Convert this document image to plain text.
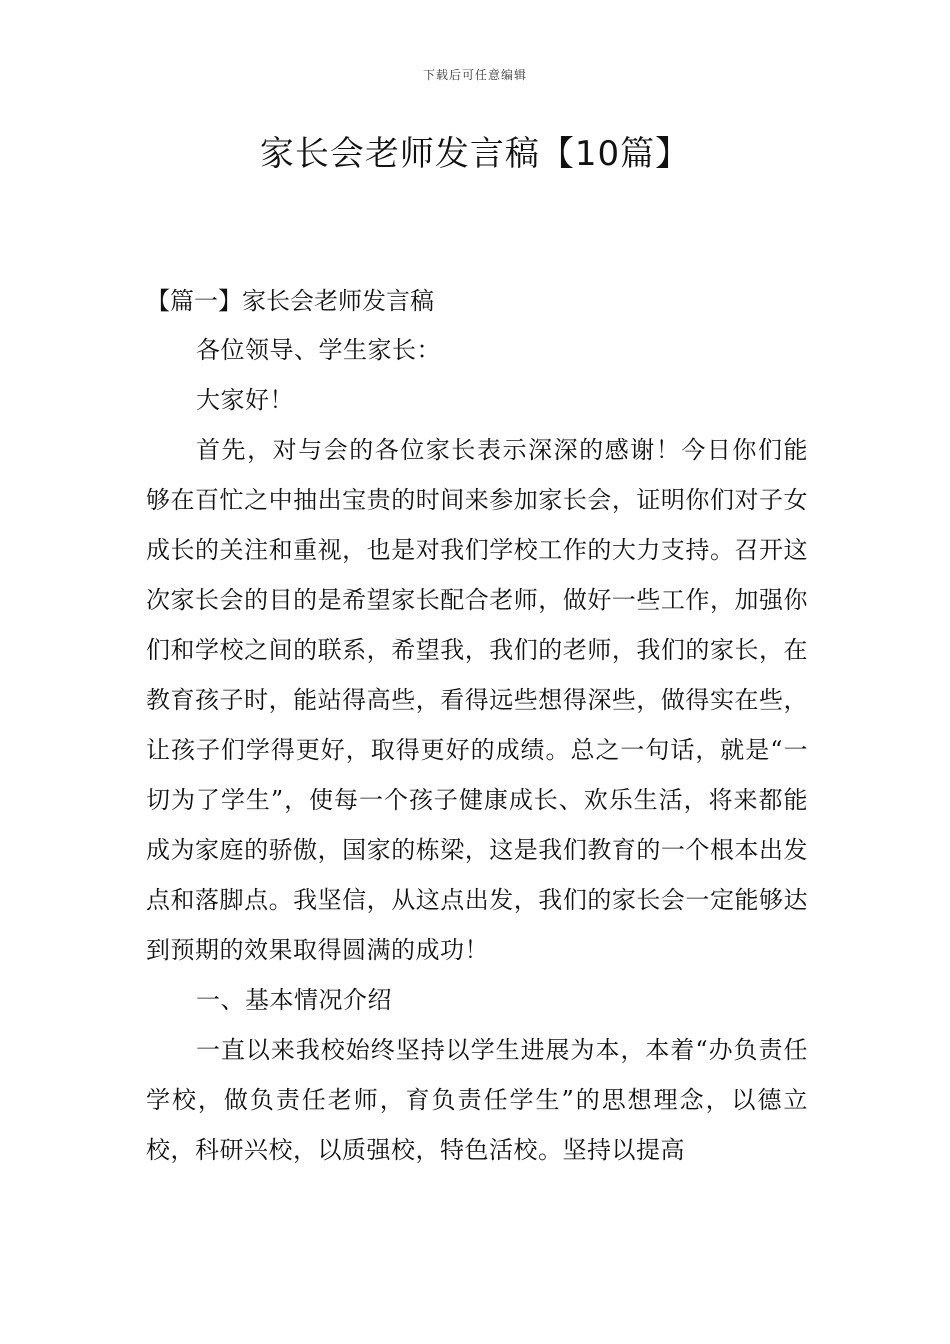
下载后可任意编辑
家长会老师发言稿【10篇】

【篇一】家长会老师发言稿

各位领导、学生家长：

大家好！

首先，对与会的各位家长表示深深的感谢！今日你们能够在百忙之中抽出宝贵的时间来参加家长会，证明你们对子女成长的关注和重视，也是对我们学校工作的大力支持。召开这次家长会的目的是希望家长配合老师，做好一些工作，加强你们和学校之间的联系，希望我，我们的老师，我们的家长，在教育孩子时，能站得高些，看得远些想得深些，做得实在些，让孩子们学得更好，取得更好的成绩。总之一句话，就是“一切为了学生”，使每一个孩子健康成长、欢乐生活，将来都能成为家庭的骄傲，国家的栋梁，这是我们教育的一个根本出发点和落脚点。我坚信，从这点出发，我们的家长会一定能够达到预期的效果取得圆满的成功！

一、基本情况介绍

一直以来我校始终坚持以学生进展为本，本着“办负责任学校，做负责任老师，育负责任学生”的思想理念，以德立校，科研兴校，以质强校，特色活校。坚持以提高
